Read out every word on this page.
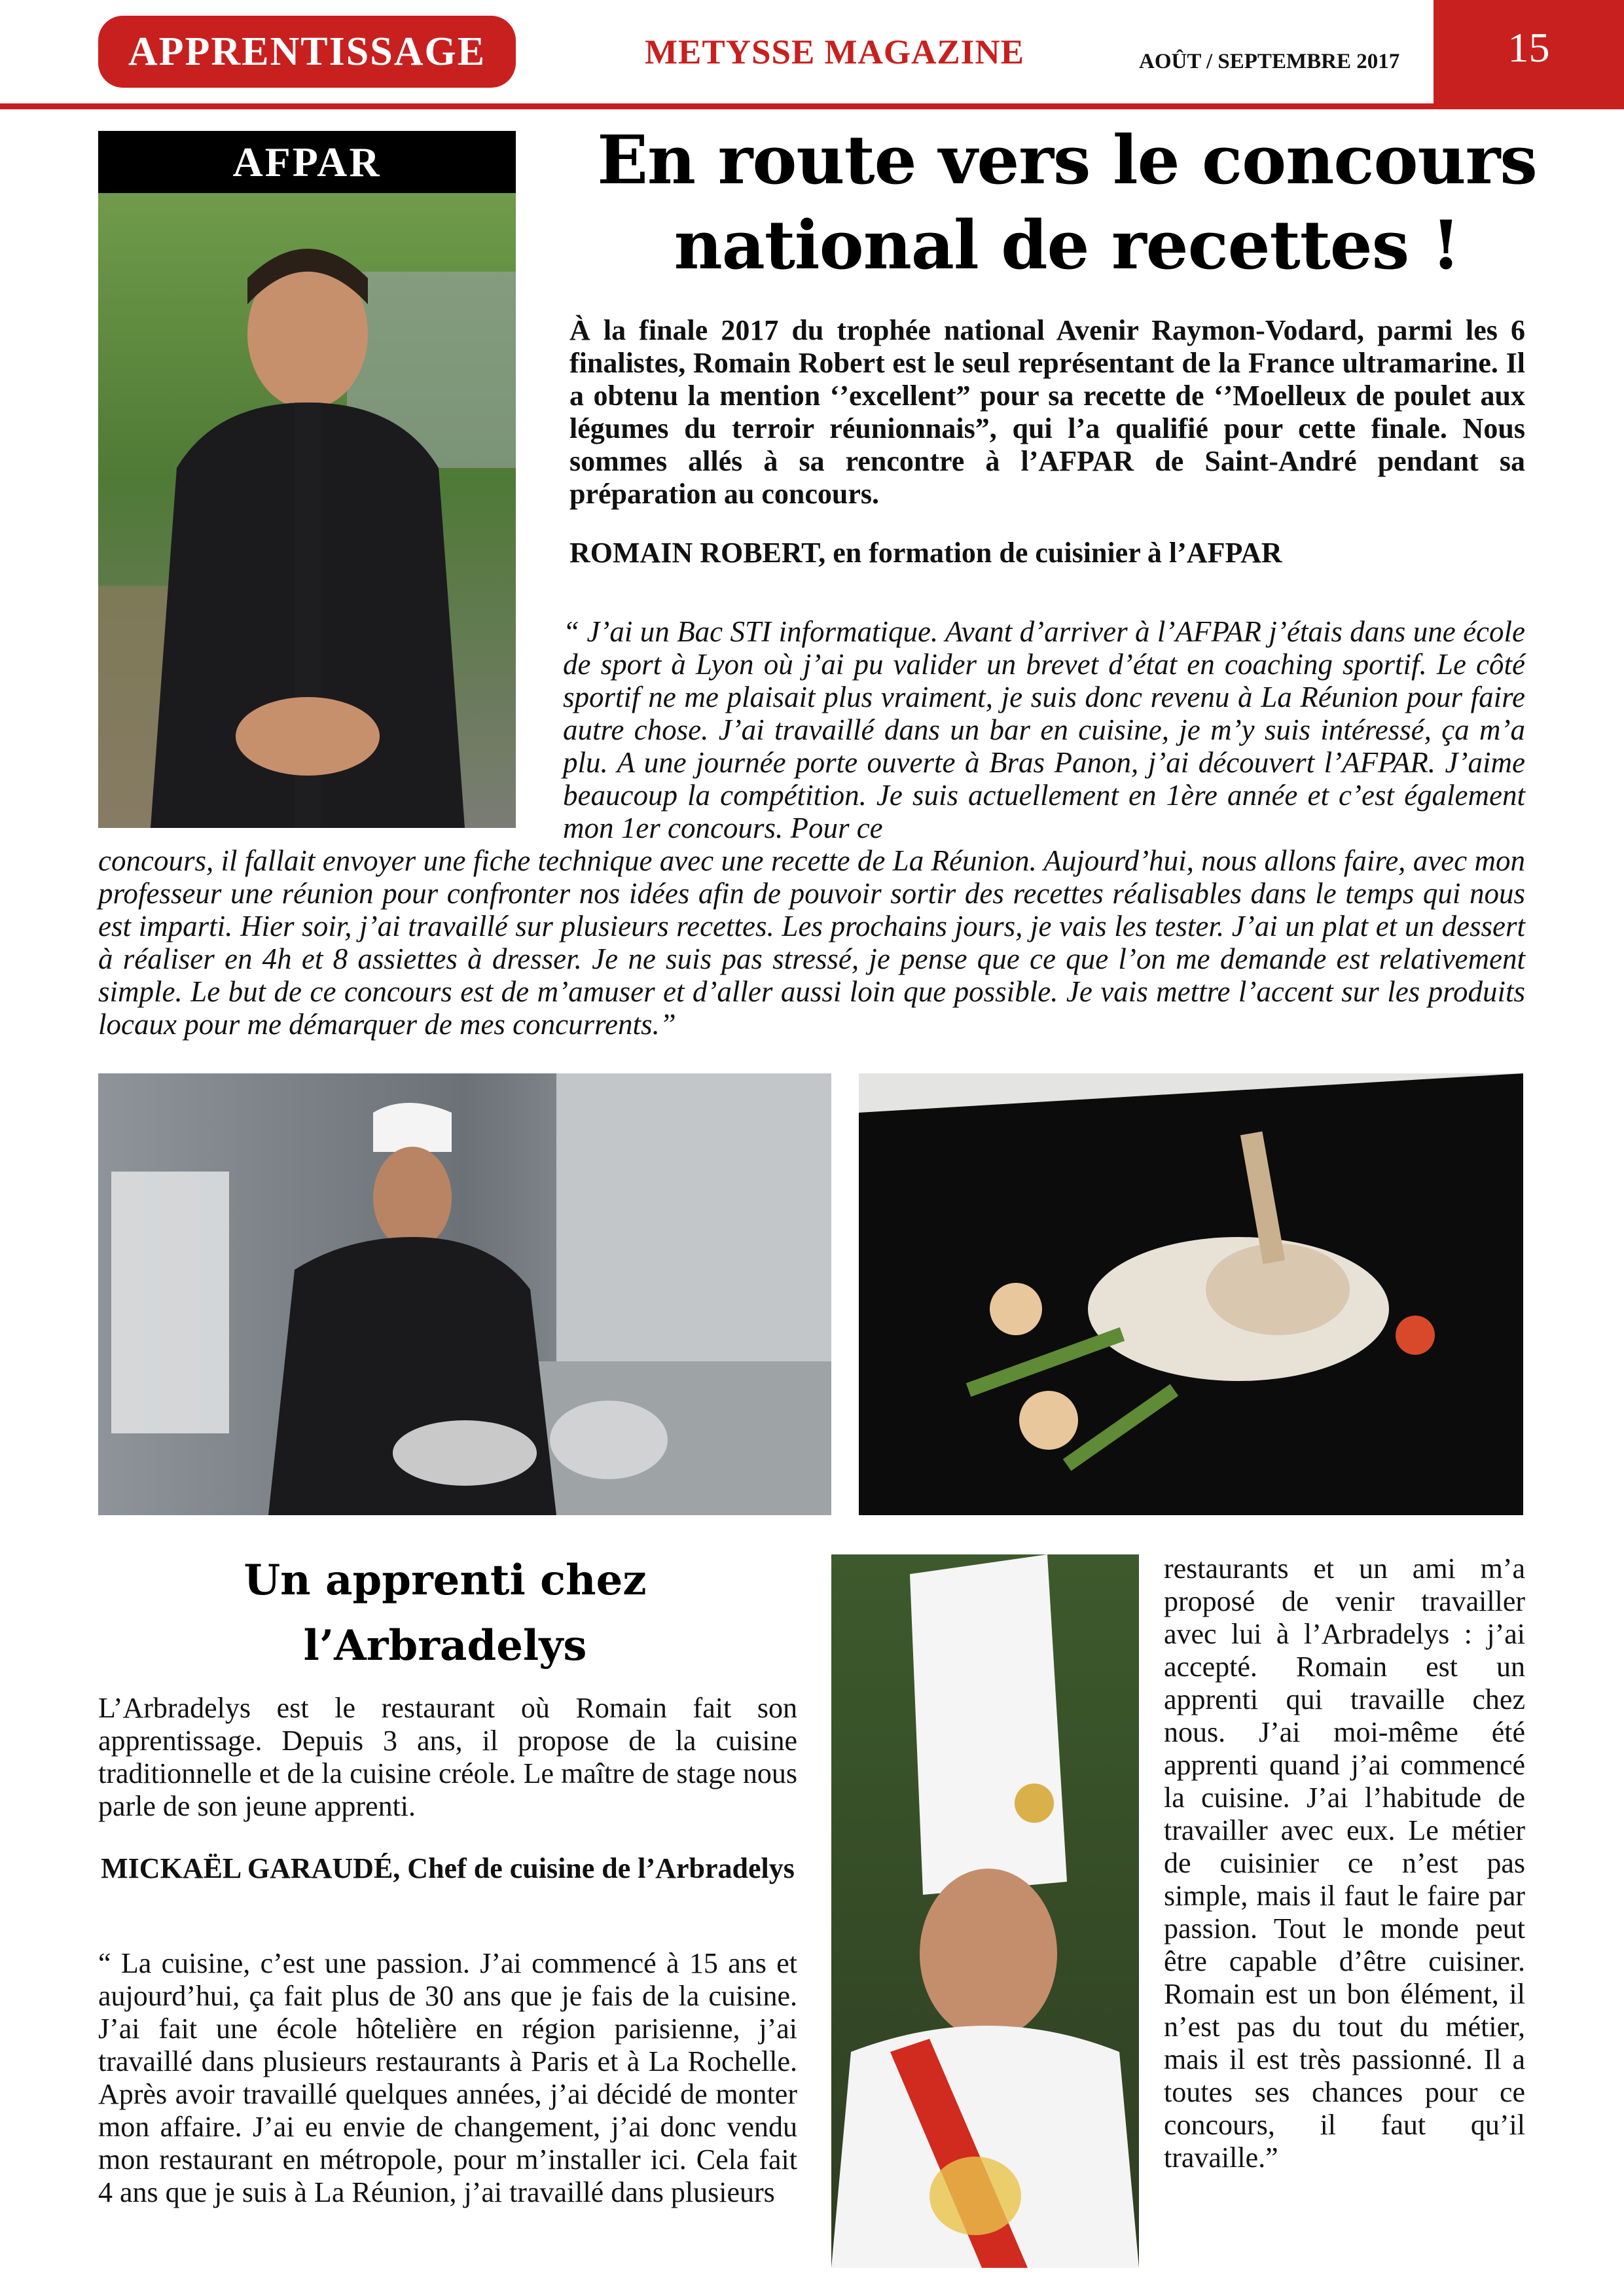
APPRENTISSAGE	METYSSE MAGAZINE	AOÛT / SEPTEMBRE 2017	15
AFPAR	En route vers le concours national de recettes !
À la finale 2017 du trophée national Avenir Raymon-Vodard, parmi les 6 finalistes, Romain Robert est le seul représentant de la France ultramarine. Il a obtenu la mention ‘’excellent” pour sa recette de ‘’Moelleux de poulet aux légumes du terroir réunionnais”, qui l’a qualifié pour cette finale. Nous sommes allés à sa rencontre à l’AFPAR de Saint-André pendant sa préparation au concours.
ROMAIN ROBERT, en formation de cuisinier à l’AFPAR
“ J’ai un Bac STI informatique. Avant d’arriver à l’AFPAR j’étais dans une école de sport à Lyon où j’ai pu valider un brevet d’état en coaching sportif. Le côté sportif ne me plaisait plus vraiment, je suis donc revenu à La Réunion pour faire autre chose. J’ai travaillé dans un bar en cuisine, je m’y suis intéressé, ça m’a plu. A une journée porte ouverte à Bras Panon, j’ai découvert l’AFPAR. J’aime beaucoup la compétition. Je suis actuellement en 1ère année et c’est également mon 1er concours. Pour ce
concours, il fallait envoyer une fiche technique avec une recette de La Réunion. Aujourd’hui, nous allons faire, avec mon professeur une réunion pour confronter nos idées afin de pouvoir sortir des recettes réalisables dans le temps qui nous est imparti. Hier soir, j’ai travaillé sur plusieurs recettes. Les prochains jours, je vais les tester. J’ai un plat et un dessert à réaliser en 4h et 8 assiettes à dresser. Je ne suis pas stressé, je pense que ce que l’on me demande est relativement simple. Le but de ce concours est de m’amuser et d’aller aussi loin que possible. Je vais mettre l’accent sur les produits locaux pour me démarquer de mes concurrents.”
Un apprenti chez l’Arbradelys
L’Arbradelys est le restaurant où Romain fait son apprentissage. Depuis 3 ans, il propose de la cuisine traditionnelle et de la cuisine créole. Le maître de stage nous parle de son jeune apprenti.
MICKAËL GARAUDÉ, Chef de cuisine de l’Arbradelys
“ La cuisine, c’est une passion. J’ai commencé à 15 ans et aujourd’hui, ça fait plus de 30 ans que je fais de la cuisine. J’ai fait une école hôtelière en région parisienne, j’ai travaillé dans plusieurs restaurants à Paris et à La Rochelle. Après avoir travaillé quelques années, j’ai décidé de monter mon affaire. J’ai eu envie de changement, j’ai donc vendu mon restaurant en métropole, pour m’installer ici. Cela fait 4 ans que je suis à La Réunion, j’ai travaillé dans plusieurs
restaurants et un ami m’a proposé de venir travailler avec lui à l’Arbradelys : j’ai accepté. Romain est un apprenti qui travaille chez nous. J’ai moi-même été apprenti quand j’ai commencé la cuisine. J’ai l’habitude de travailler avec eux. Le métier de cuisinier ce n’est pas simple, mais il faut le faire par passion. Tout le monde peut être capable d’être cuisiner. Romain est un bon élément, il n’est pas du tout du métier, mais il est très passionné. Il a toutes ses chances pour ce concours, il faut qu’il travaille.”
